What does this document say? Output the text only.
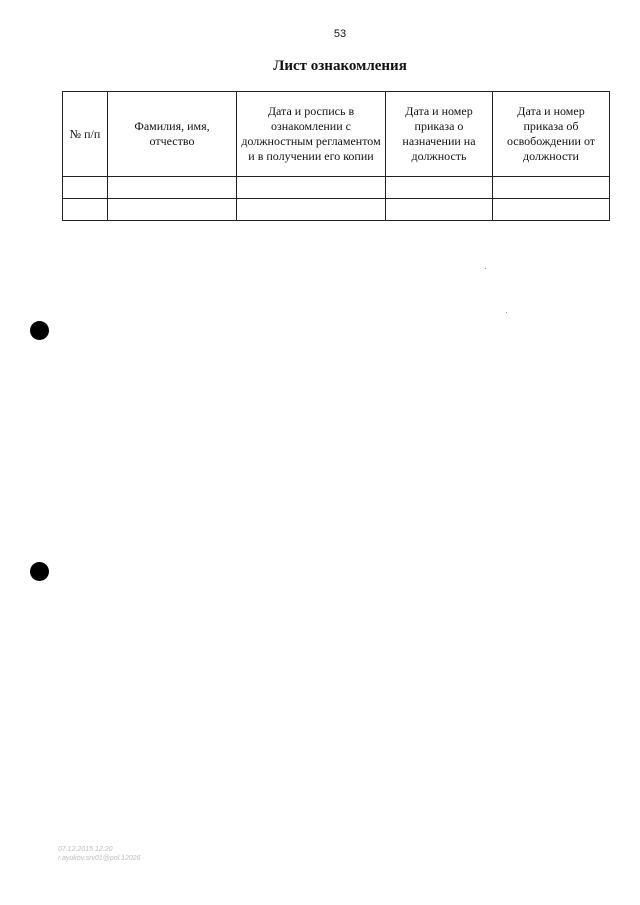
53
Лист ознакомления
№ п/п	Фамилия, имя, отчество	Дата и роспись в ознакомлении с должностным регламентом и в получении его копии	Дата и номер приказа о назначении на должность	Дата и номер приказа об освобождении от должности

07.12.2015 12:20
r.ayukov.srv01@pol.12026
